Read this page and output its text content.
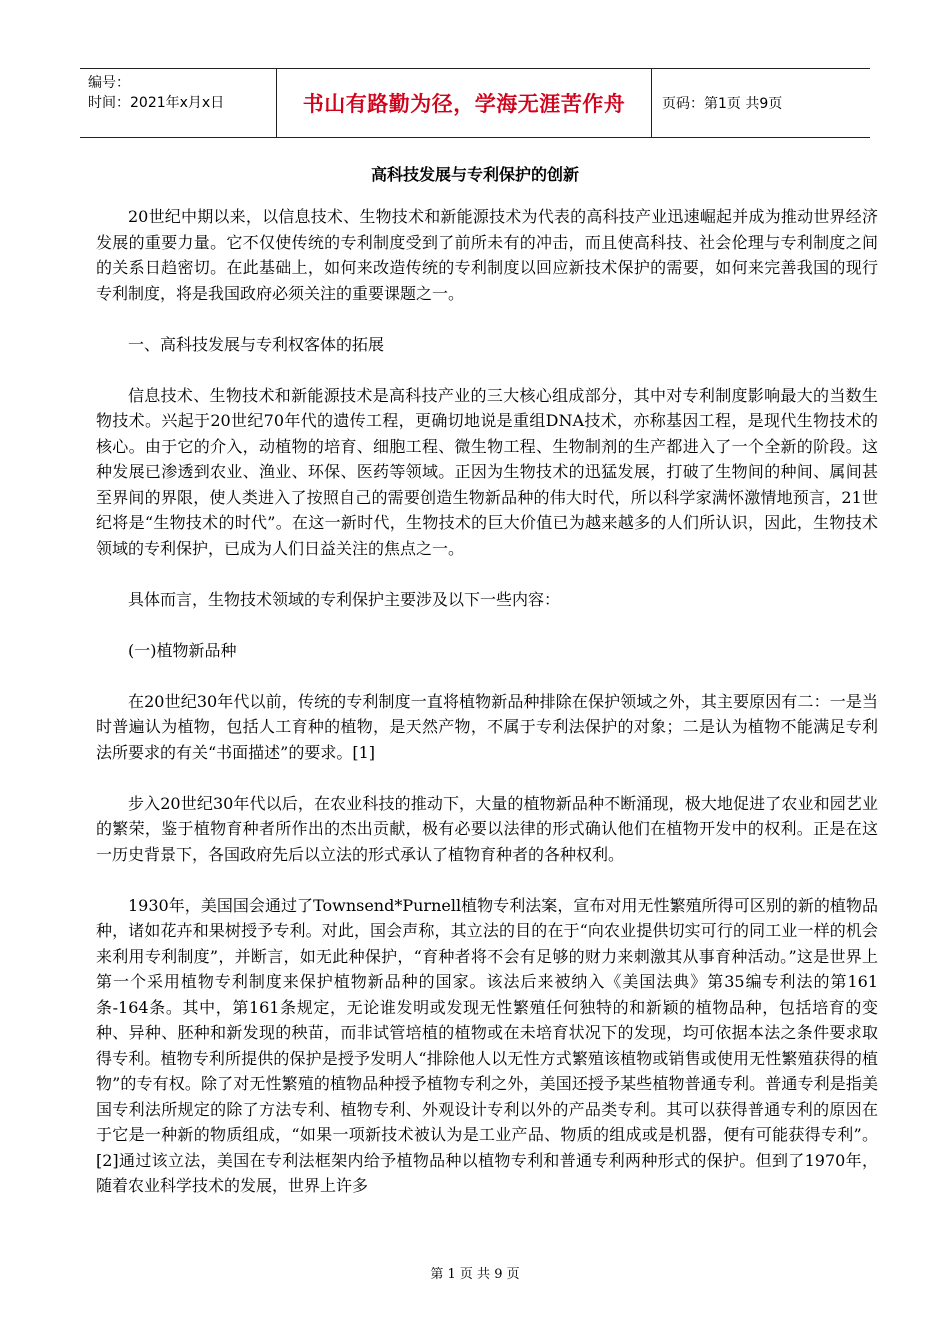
编号：
时间：2021年x月x日	书山有路勤为径，学海无涯苦作舟	页码：第1页 共9页
高科技发展与专利保护的创新

20世纪中期以来，以信息技术、生物技术和新能源技术为代表的高科技产业迅速崛起并成为推动世界经济发展的重要力量。它不仅使传统的专利制度受到了前所未有的冲击，而且使高科技、社会伦理与专利制度之间的关系日趋密切。在此基础上，如何来改造传统的专利制度以回应新技术保护的需要，如何来完善我国的现行专利制度，将是我国政府必须关注的重要课题之一。

一、高科技发展与专利权客体的拓展

信息技术、生物技术和新能源技术是高科技产业的三大核心组成部分，其中对专利制度影响最大的当数生物技术。兴起于20世纪70年代的遗传工程，更确切地说是重组DNA技术，亦称基因工程，是现代生物技术的核心。由于它的介入，动植物的培育、细胞工程、微生物工程、生物制剂的生产都进入了一个全新的阶段。这种发展已渗透到农业、渔业、环保、医药等领域。正因为生物技术的迅猛发展，打破了生物间的种间、属间甚至界间的界限，使人类进入了按照自己的需要创造生物新品种的伟大时代，所以科学家满怀激情地预言，21世纪将是“生物技术的时代”。在这一新时代，生物技术的巨大价值已为越来越多的人们所认识，因此，生物技术领域的专利保护，已成为人们日益关注的焦点之一。

具体而言，生物技术领域的专利保护主要涉及以下一些内容：

(一)植物新品种

在20世纪30年代以前，传统的专利制度一直将植物新品种排除在保护领域之外，其主要原因有二：一是当时普遍认为植物，包括人工育种的植物，是天然产物，不属于专利法保护的对象；二是认为植物不能满足专利法所要求的有关“书面描述”的要求。[1]

步入20世纪30年代以后，在农业科技的推动下，大量的植物新品种不断涌现，极大地促进了农业和园艺业的繁荣，鉴于植物育种者所作出的杰出贡献，极有必要以法律的形式确认他们在植物开发中的权利。正是在这一历史背景下，各国政府先后以立法的形式承认了植物育种者的各种权利。

1930年，美国国会通过了Townsend*Purnell植物专利法案，宣布对用无性繁殖所得可区别的新的植物品种，诸如花卉和果树授予专利。对此，国会声称，其立法的目的在于“向农业提供切实可行的同工业一样的机会来利用专利制度”，并断言，如无此种保护，“育种者将不会有足够的财力来刺激其从事育种活动。”这是世界上第一个采用植物专利制度来保护植物新品种的国家。该法后来被纳入《美国法典》第35编专利法的第161条-164条。其中，第161条规定，无论谁发明或发现无性繁殖任何独特的和新颖的植物品种，包括培育的变种、异种、胚种和新发现的秧苗，而非试管培植的植物或在未培育状况下的发现，均可依据本法之条件要求取得专利。植物专利所提供的保护是授予发明人“排除他人以无性方式繁殖该植物或销售或使用无性繁殖获得的植物”的专有权。除了对无性繁殖的植物品种授予植物专利之外，美国还授予某些植物普通专利。普通专利是指美国专利法所规定的除了方法专利、植物专利、外观设计专利以外的产品类专利。其可以获得普通专利的原因在于它是一种新的物质组成，“如果一项新技术被认为是工业产品、物质的组成或是机器，便有可能获得专利”。[2]通过该立法，美国在专利法框架内给予植物品种以植物专利和普通专利两种形式的保护。但到了1970年，随着农业科学技术的发展，世界上许多

第 1 页 共 9 页
